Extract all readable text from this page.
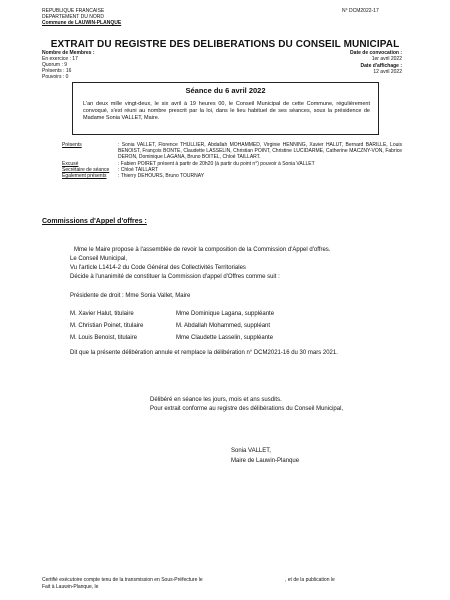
REPUBLIQUE FRANCAISE
DEPARTEMENT DU NORD
Commune de LAUWIN-PLANQUE
N° DCM2022-17
EXTRAIT DU REGISTRE DES DELIBERATIONS DU CONSEIL MUNICIPAL
Nombre de Membres :
En exercice : 17
Quorum : 9
Présents : 16
Pouvoirs : 0
Date de convocation :
1er avril 2022
Date d'affichage :
12 avril 2022
Séance du 6 avril 2022
L'an deux mille vingt-deux, le six avril à 19 heures 00, le Conseil Municipal de cette Commune, régulièrement convoqué, s'est réuni au nombre prescrit par la loi, dans le lieu habituel de ses séances, sous la présidence de Madame Sonia VALLET, Maire.
Présents	: Sonia VALLET, Florence THULLIER, Abdallah MOHAMMED, Virginie HENNING, Xavier HALUT, Bernard BARILLE, Louis BENOIST, François BONTE, Claudette LASSELIN, Christian POINT, Christine LUCIDARME, Catherine MACZNY-VON, Fabrice DERON, Dominique LAGANA, Bruno BOITEL, Chloé TAILLART.
Excusé	: Fabien POIRET présent à partir de 20h20 (à partir du point n°) pouvoir à Sonia VALLET
Secrétaire de séance	: Chloé TAILLART
Également présents	: Thierry DEHOURS, Bruno TOURNAY
Commissions d'Appel d'offres :
Mme le Maire propose à l'assemblée de revoir la composition de la Commission d'Appel d'offres.
Le Conseil Municipal,
Vu l'article L1414-2 du Code Général des Collectivités Territoriales
Décide à l'unanimité de constituer la Commission d'appel d'Offres comme suit :
Présidente de droit : Mme Sonia Vallet, Maire
M. Xavier Halut, titulaire	Mme Dominique Lagana, suppléante
M. Christian Poinet, titulaire	M. Abdallah Mohammed, suppléant
M. Louis Benoist, titulaire	Mme Claudette Lasselin, suppléante
Dit que la présente délibération annule et remplace la délibération n° DCM2021-16 du 30 mars 2021.
Délibéré en séance les jours, mois et ans susdits.
Pour extrait conforme au registre des délibérations du Conseil Municipal,
Sonia VALLET,
Maire de Lauwin-Planque
Certifié exécutoire compte tenu de la transmission en Sous-Préfecture le	, et de la publication le
Fait à Lauwin-Planque, le
